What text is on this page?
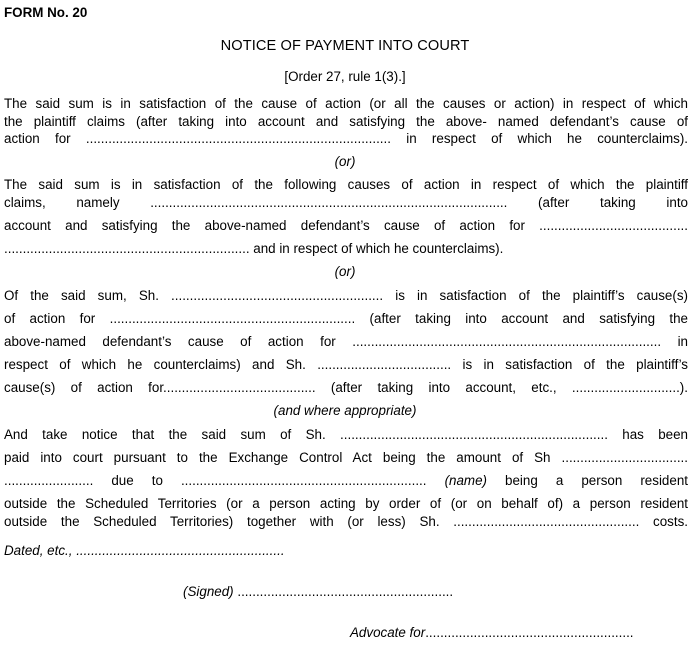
FORM No. 20
NOTICE OF PAYMENT INTO COURT
[Order 27, rule 1(3).]
The said sum is in satisfaction of the cause of action (or all the causes or action) in respect of which
the plaintiff claims (after taking into account and satisfying the above- named defendant’s cause of
action for .................................................................................. in respect of which he counterclaims).
(or)
The said sum is in satisfaction of the following causes of action in respect of which the plaintiff
claims, namely ................................................................................................ (after taking into
account and satisfying the above-named defendant’s cause of action for ........................................
.................................................................. and in respect of which he counterclaims).
(or)
Of the said sum, Sh. ......................................................... is in satisfaction of the plaintiff’s cause(s)
of action for .................................................................. (after taking into account and satisfying the
above-named defendant’s cause of action for ................................................................................... in
respect of which he counterclaims) and Sh. .................................... is in satisfaction of the plaintiff’s
cause(s) of action for......................................... (after taking into account, etc., .............................).
(and where appropriate)
And take notice that the said sum of Sh. ........................................................................ has been
paid into court pursuant to the Exchange Control Act being the amount of Sh ..................................
........................ due to .................................................................. (name) being a person resident
outside the Scheduled Territories (or a person acting by order of (or on behalf of) a person resident
outside the Scheduled Territories) together with (or less) Sh. .................................................. costs.
Dated, etc., ........................................................
(Signed) ..........................................................
Advocate for........................................................
